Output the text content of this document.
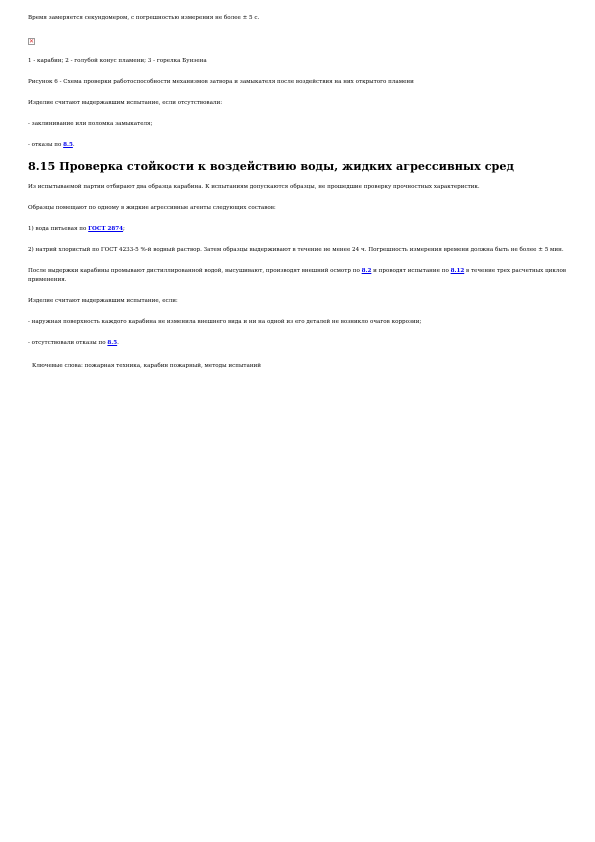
Время замеряется секундомером, с погрешностью измерения не более ± 5 с.

✕

1 - карабин; 2 - голубой конус пламени; 3 - горелка Бунзена

Рисунок 6 - Схема проверки работоспособности механизмов затвора и замыкателя после воздействия на них открытого пламени

Изделие считают выдержавшим испытание, если отсутствовали:

- заклинивание или поломка замыкателя;

- отказы по 8.5.

8.15 Проверка стойкости к воздействию воды, жидких агрессивных сред

Из испытываемой партии отбирают два образца карабина. К испытаниям допускаются образцы, не прошедшие проверку прочностных характеристик.

Образцы помещают по одному в жидкие агрессивные агенты следующих составов:

1) вода питьевая по ГОСТ 2874;

2) натрий хлористый по ГОСТ 4233-5 %-й водный раствор. Затем образцы выдерживают в течение не менее 24 ч. Погрешность измерения времени должна быть не более ± 5 мин.

После выдержки карабины промывают дистиллированной водой, высушивают, производят внешний осмотр по 8.2 и проводят испытание по 8.12 в течение трех расчетных циклов применения.

Изделие считают выдержавшим испытание, если:

- наружная поверхность каждого карабина не изменила внешнего вида и ни на одной из его деталей не возникло очагов коррозии;

- отсутствовали отказы по 8.5.

Ключевые слова: пожарная техника, карабин пожарный, методы испытаний
